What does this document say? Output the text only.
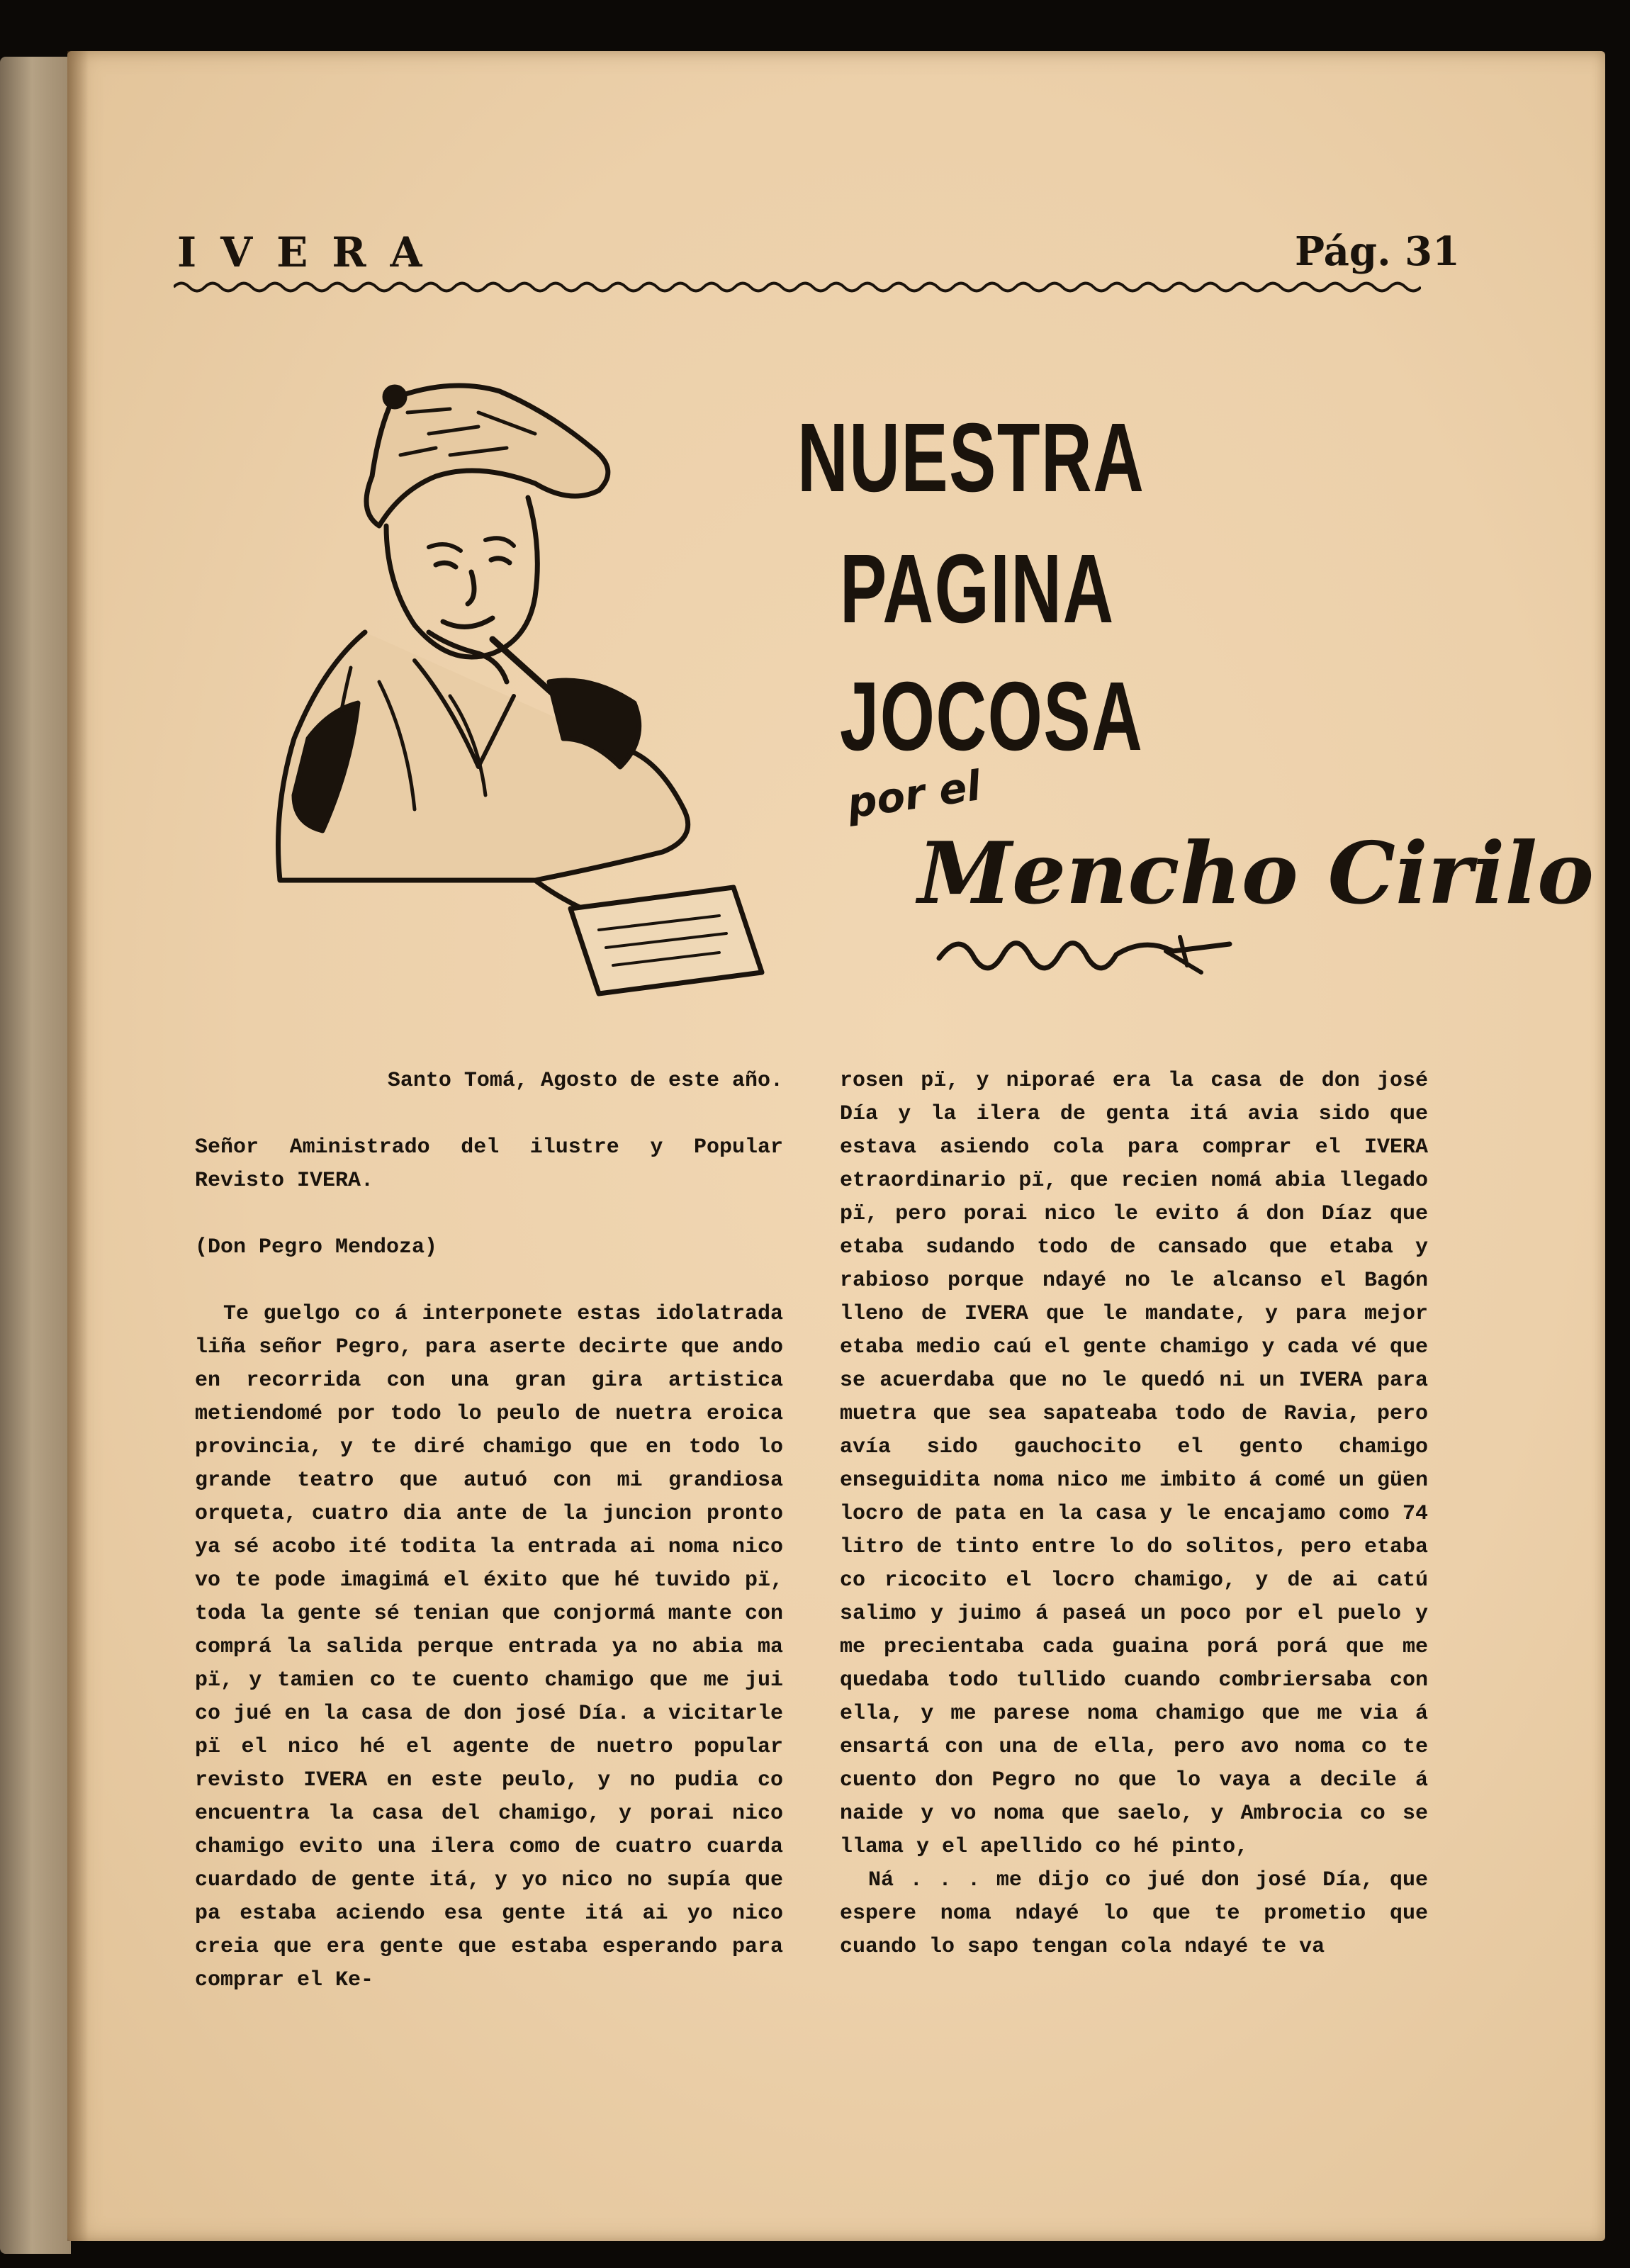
IVERA	Pág. 31
NUESTRA
PAGINA
JOCOSA
por el
Mencho Cirilo

Santo Tomá, Agosto de este año.

Señor Aministrado del ilustre y Popular Revisto IVERA.

(Don Pegro Mendoza)

Te guelgo co á interponete estas idolatrada liña señor Pegro, para aserte decirte que ando en recorrida con una gran gira artistica metiendomé por todo lo peulo de nuetra eroica provincia, y te diré chamigo que en todo lo grande teatro que autuó con mi grandiosa orqueta, cuatro dia ante de la juncion pronto ya sé acobo ité todita la entrada ai noma nico vo te pode imagimá el éxito que hé tuvido pï, toda la gente sé tenian que conjormá mante con comprá la salida perque entrada ya no abia ma pï, y tamien co te cuento chamigo que me jui co jué en la casa de don josé Día. a vicitarle pï el nico hé el agente de nuetro popular revisto IVERA en este peulo, y no pudia co encuentra la casa del chamigo, y porai nico chamigo evito una ilera como de cuatro cuarda cuardado de gente itá, y yo nico no supía que pa estaba aciendo esa gente itá ai yo nico creia que era gente que estaba esperando para comprar el Ke-

rosen pï, y niporaé era la casa de don josé Día y la ilera de genta itá avia sido que estava asiendo cola para comprar el IVERA etraordinario pï, que recien nomá abia llegado pï, pero porai nico le evito á don Díaz que etaba sudando todo de cansado que etaba y rabioso porque ndayé no le alcanso el Bagón lleno de IVERA que le mandate, y para mejor etaba medio caú el gente chamigo y cada vé que se acuerdaba que no le quedó ni un IVERA para muetra que sea sapateaba todo de Ravia, pero avía sido gauchocito el gento chamigo enseguidita noma nico me imbito á comé un güen locro de pata en la casa y le encajamo como 74 litro de tinto entre lo do solitos, pero etaba co ricocito el locro chamigo, y de ai catú salimo y juimo á paseá un poco por el puelo y me precientaba cada guaina porá porá que me quedaba todo tullido cuando combriersaba con ella, y me parese noma chamigo que me via á ensartá con una de ella, pero avo noma co te cuento don Pegro no que lo vaya a decile á naide y vo noma que saelo, y Ambrocia co se llama y el apellido co hé pinto,

Ná . . . me dijo co jué don josé Día, que espere noma ndayé lo que te prometio que cuando lo sapo tengan cola ndayé te va
